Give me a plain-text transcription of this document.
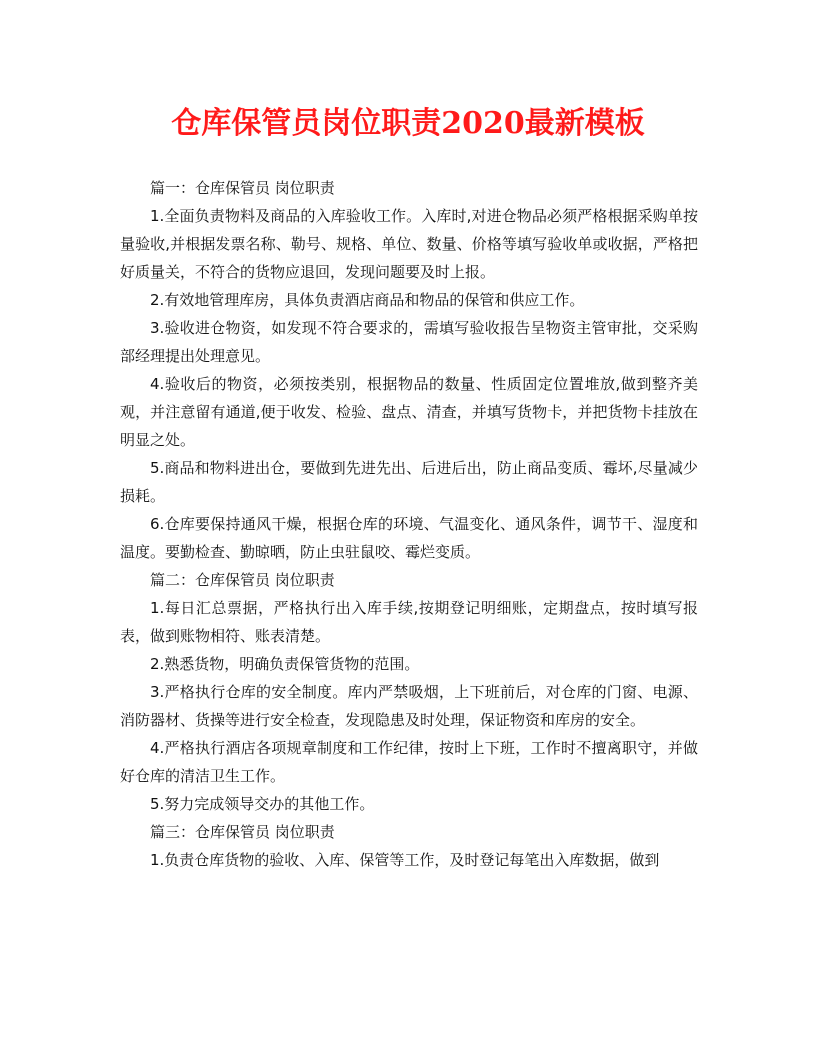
仓库保管员岗位职责2020最新模板

篇一：仓库保管员 岗位职责

1.全面负责物料及商品的入库验收工作。入库时,对进仓物品必须严格根据采购单按量验收,并根据发票名称、勒号、规格、单位、数量、价格等填写验收单或收据，严格把好质量关，不符合的货物应退回，发现问题要及时上报。

2.有效地管理库房，具体负责酒店商品和物品的保管和供应工作。

3.验收进仓物资，如发现不符合要求的，需填写验收报告呈物资主管审批，交采购部经理提出处理意见。

4.验收后的物资，必须按类别，根据物品的数量、性质固定位置堆放,做到整齐美观，并注意留有通道,便于收发、检验、盘点、清查，并填写货物卡，并把货物卡挂放在明显之处。

5.商品和物料进出仓，要做到先进先出、后进后出，防止商品变质、霉坏,尽量减少损耗。

6.仓库要保持通风干燥，根据仓库的环境、气温变化、通风条件，调节干、湿度和温度。要勤检查、勤晾晒，防止虫驻鼠咬、霉烂变质。

篇二：仓库保管员 岗位职责

1.每日汇总票据，严格执行出入库手续,按期登记明细账，定期盘点，按时填写报表，做到账物相符、账表清楚。

2.熟悉货物，明确负责保管货物的范围。

3.严格执行仓库的安全制度。库内严禁吸烟，上下班前后，对仓库的门窗、电源、消防器材、货操等进行安全检查，发现隐患及时处理，保证物资和库房的安全。

4.严格执行酒店各项规章制度和工作纪律，按时上下班，工作时不擅离职守，并做好仓库的清洁卫生工作。

5.努力完成领导交办的其他工作。

篇三：仓库保管员 岗位职责

1.负责仓库货物的验收、入库、保管等工作，及时登记每笔出入库数据，做到
